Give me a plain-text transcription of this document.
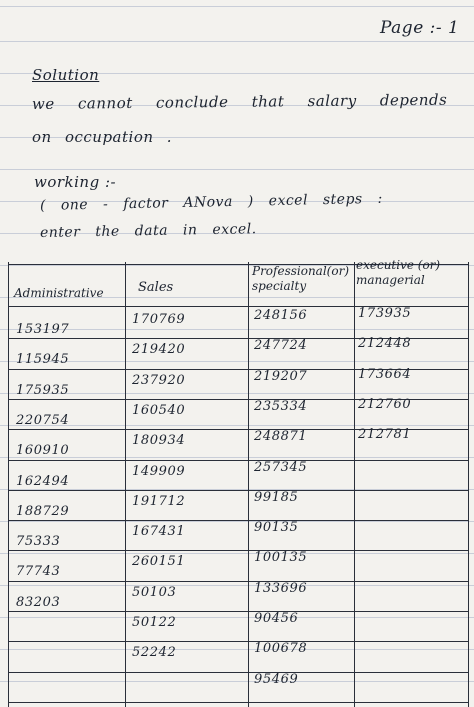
Page :- 1
Solution
we cannot conclude that salary depends
on occupation .
working :-
( one - factor ANova ) excel steps :
enter the data in excel.
Administrative	Sales
Professional(or) specialty
executive (or) managerial
153197
115945
175935
220754
160910
162494
188729
75333
77743
83203
170769
219420
237920
160540
180934
149909
191712
167431
260151
50103
50122
52242
248156
247724
219207
235334
248871
257345
99185
90135
100135
133696
90456
100678
95469
173935
212448
173664
212760
212781
